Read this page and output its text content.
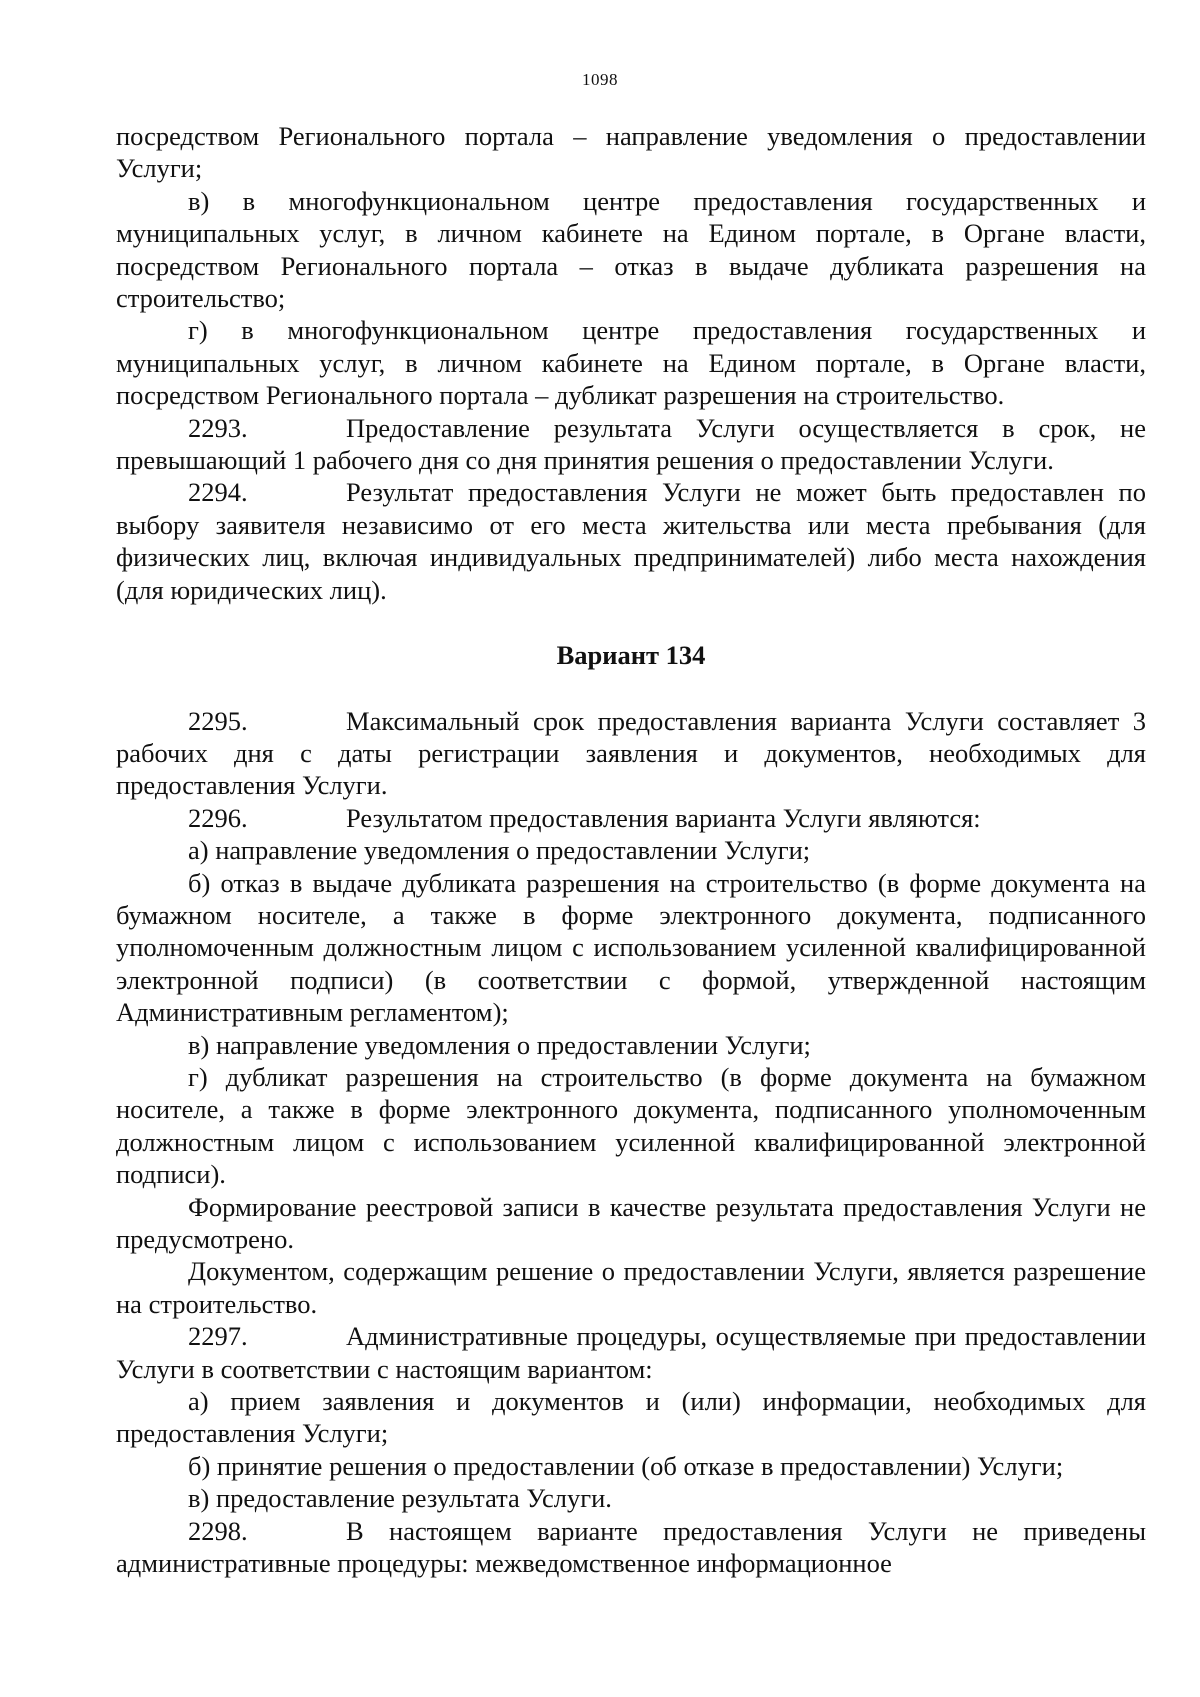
1098

посредством Регионального портала – направление уведомления о предоставлении Услуги;

в) в многофункциональном центре предоставления государственных и муниципальных услуг, в личном кабинете на Едином портале, в Органе власти, посредством Регионального портала – отказ в выдаче дубликата разрешения на строительство;

г) в многофункциональном центре предоставления государственных и муниципальных услуг, в личном кабинете на Едином портале, в Органе власти, посредством Регионального портала – дубликат разрешения на строительство.

2293.	Предоставление результата Услуги осуществляется в срок, не превышающий 1 рабочего дня со дня принятия решения о предоставлении Услуги.

2294.	Результат предоставления Услуги не может быть предоставлен по выбору заявителя независимо от его места жительства или места пребывания (для физических лиц, включая индивидуальных предпринимателей) либо места нахождения (для юридических лиц).

Вариант 134

2295.	Максимальный срок предоставления варианта Услуги составляет 3 рабочих дня с даты регистрации заявления и документов, необходимых для предоставления Услуги.

2296.	Результатом предоставления варианта Услуги являются:

а) направление уведомления о предоставлении Услуги;

б) отказ в выдаче дубликата разрешения на строительство (в форме документа на бумажном носителе, а также в форме электронного документа, подписанного уполномоченным должностным лицом с использованием усиленной квалифицированной электронной подписи) (в соответствии с формой, утвержденной настоящим Административным регламентом);

в) направление уведомления о предоставлении Услуги;

г) дубликат разрешения на строительство (в форме документа на бумажном носителе, а также в форме электронного документа, подписанного уполномоченным должностным лицом с использованием усиленной квалифицированной электронной подписи).

Формирование реестровой записи в качестве результата предоставления Услуги не предусмотрено.

Документом, содержащим решение о предоставлении Услуги, является разрешение на строительство.

2297.	Административные процедуры, осуществляемые при предоставлении Услуги в соответствии с настоящим вариантом:

а) прием заявления и документов и (или) информации, необходимых для предоставления Услуги;

б) принятие решения о предоставлении (об отказе в предоставлении) Услуги;

в) предоставление результата Услуги.

2298.	В настоящем варианте предоставления Услуги не приведены административные процедуры: межведомственное информационное
